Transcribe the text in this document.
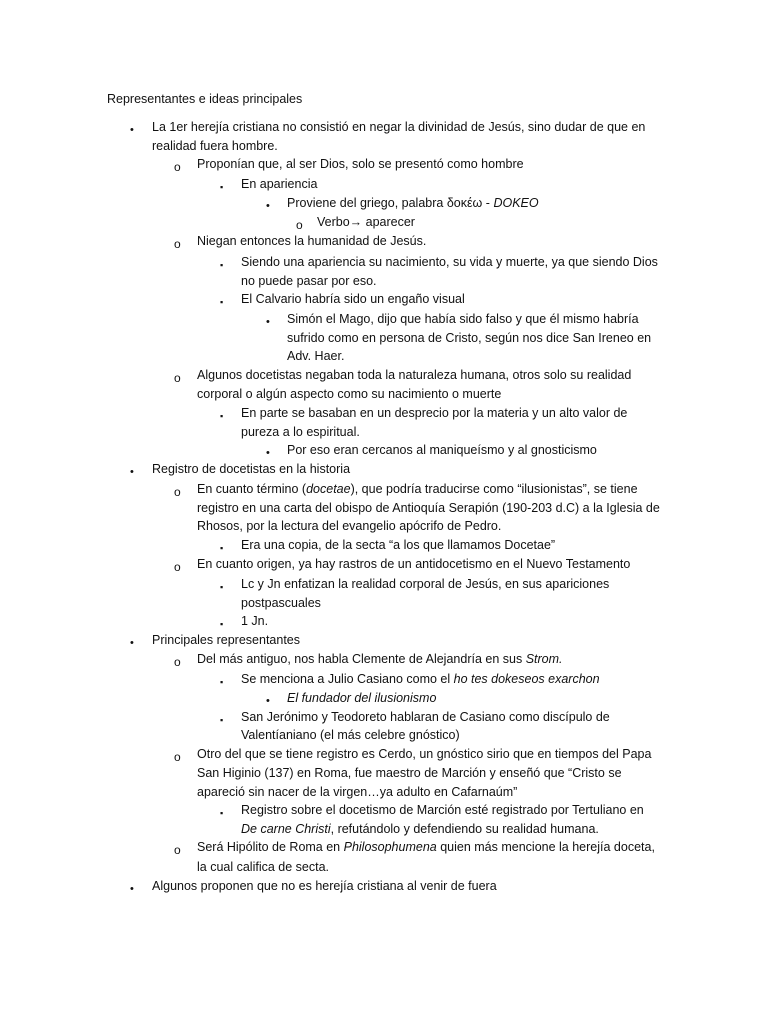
Representantes e ideas principales
• La 1er herejía cristiana no consistió en negar la divinidad de Jesús, sino dudar de que en
realidad fuera hombre.
o Proponían que, al ser Dios, solo se presentó como hombre
▪ En apariencia
• Proviene del griego, palabra δοκέω - DOKEO
o Verbo→ aparecer
o Niegan entonces la humanidad de Jesús.
▪ Siendo una apariencia su nacimiento, su vida y muerte, ya que siendo Dios
no puede pasar por eso.
▪ El Calvario habría sido un engaño visual
• Simón el Mago, dijo que había sido falso y que él mismo habría
sufrido como en persona de Cristo, según nos dice San Ireneo en
Adv. Haer.
o Algunos docetistas negaban toda la naturaleza humana, otros solo su realidad
corporal o algún aspecto como su nacimiento o muerte
▪ En parte se basaban en un desprecio por la materia y un alto valor de
pureza a lo espiritual.
• Por eso eran cercanos al maniqueísmo y al gnosticismo
• Registro de docetistas en la historia
o En cuanto término (docetae), que podría traducirse como “ilusionistas”, se tiene
registro en una carta del obispo de Antioquía Serapión (190-203 d.C) a la Iglesia de
Rhosos, por la lectura del evangelio apócrifo de Pedro.
▪ Era una copia, de la secta “a los que llamamos Docetae”
o En cuanto origen, ya hay rastros de un antidocetismo en el Nuevo Testamento
▪ Lc y Jn enfatizan la realidad corporal de Jesús, en sus apariciones
postpascuales
▪ 1 Jn.
• Principales representantes
o Del más antiguo, nos habla Clemente de Alejandría en sus Strom.
▪ Se menciona a Julio Casiano como el ho tes dokeseos exarchon
• El fundador del ilusionismo
▪ San Jerónimo y Teodoreto hablaran de Casiano como discípulo de
Valentíaniano (el más celebre gnóstico)
o Otro del que se tiene registro es Cerdo, un gnóstico sirio que en tiempos del Papa
San Higinio (137) en Roma, fue maestro de Marción y enseñó que “Cristo se
apareció sin nacer de la virgen…ya adulto en Cafarnaúm”
▪ Registro sobre el docetismo de Marción esté registrado por Tertuliano en
De carne Christi, refutándolo y defendiendo su realidad humana.
o Será Hipólito de Roma en Philosophumena quien más mencione la herejía doceta,
la cual califica de secta.
• Algunos proponen que no es herejía cristiana al venir de fuera
